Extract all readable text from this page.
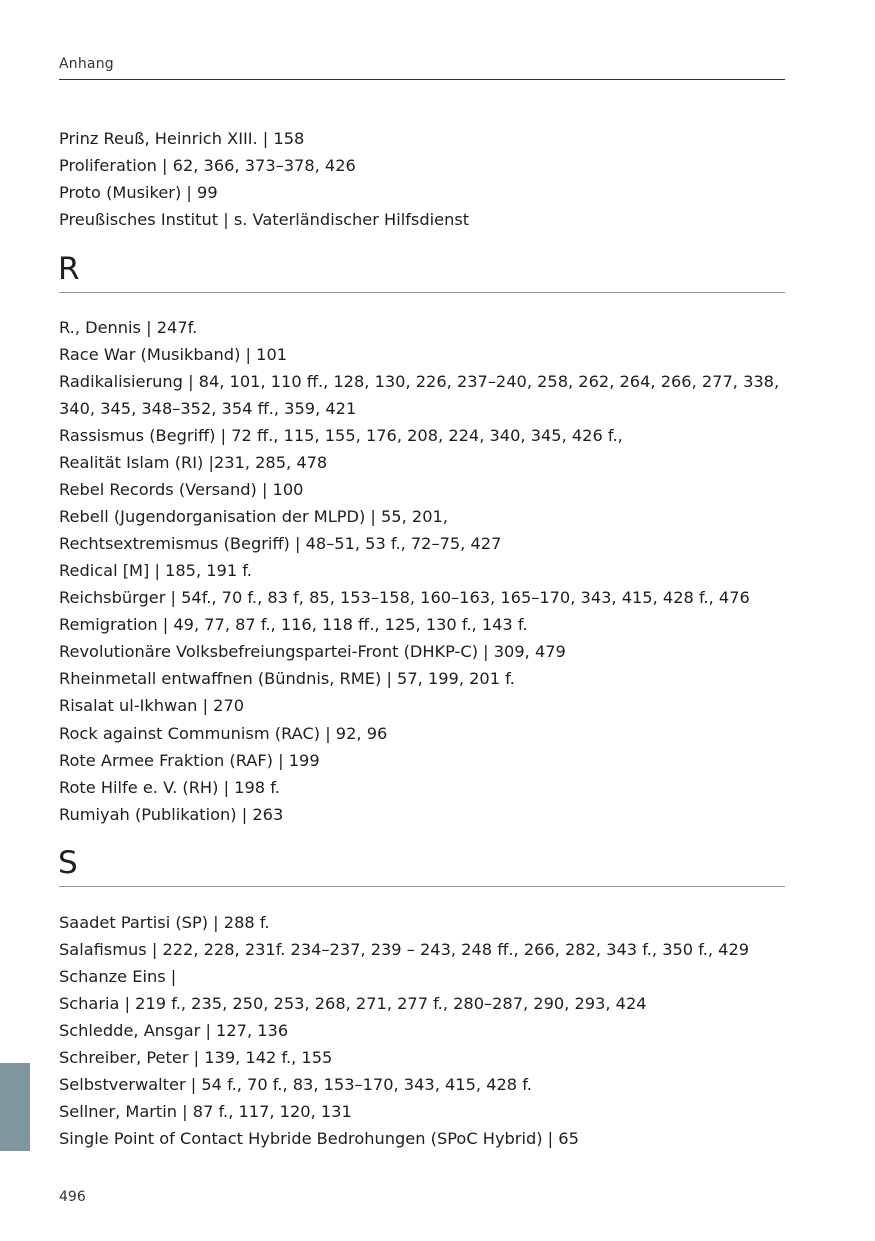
Anhang
Prinz Reuß, Heinrich XIII. | 158
Proliferation | 62, 366, 373–378, 426
Proto (Musiker) | 99
Preußisches Institut | s. Vaterländischer Hilfsdienst
R
R., Dennis | 247f.
Race War (Musikband) | 101
Radikalisierung | 84, 101, 110 ff., 128, 130, 226, 237–240, 258, 262, 264, 266, 277, 338, 340, 345, 348–352, 354 ff., 359, 421
Rassismus (Begriff) | 72 ff., 115, 155, 176, 208, 224, 340, 345, 426 f.,
Realität Islam (RI) |231, 285, 478
Rebel Records (Versand) | 100
Rebell (Jugendorganisation der MLPD) | 55, 201,
Rechtsextremismus (Begriff) | 48–51, 53 f., 72–75, 427
Redical [M] | 185, 191 f.
Reichsbürger | 54f., 70 f., 83 f, 85, 153–158, 160–163, 165–170, 343, 415, 428 f., 476
Remigration | 49, 77, 87 f., 116, 118 ff., 125, 130 f., 143 f.
Revolutionäre Volksbefreiungspartei-Front (DHKP-C) | 309, 479
Rheinmetall entwaffnen (Bündnis, RME) | 57, 199, 201 f.
Risalat ul-Ikhwan | 270
Rock against Communism (RAC) | 92, 96
Rote Armee Fraktion (RAF) | 199
Rote Hilfe e. V. (RH) | 198 f.
Rumiyah (Publikation) | 263
S
Saadet Partisi (SP) | 288 f.
Salafismus | 222, 228, 231f. 234–237, 239 – 243, 248 ff., 266, 282, 343 f., 350 f., 429
Schanze Eins |
Scharia | 219 f., 235, 250, 253, 268, 271, 277 f., 280–287, 290, 293, 424
Schledde, Ansgar | 127, 136
Schreiber, Peter | 139, 142 f., 155
Selbstverwalter | 54 f., 70 f., 83, 153–170, 343, 415, 428 f.
Sellner, Martin | 87 f., 117, 120, 131
Single Point of Contact Hybride Bedrohungen (SPoC Hybrid) | 65
496
